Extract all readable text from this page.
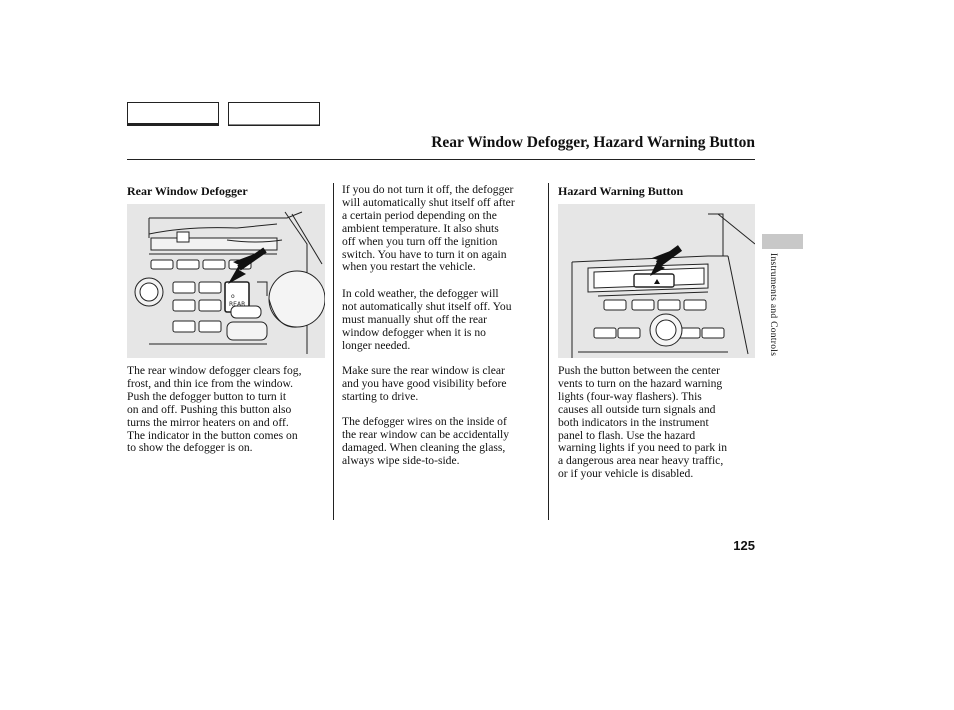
Rear Window Defogger, Hazard Warning Button
Rear Window Defogger
o
REAR

The rear window defogger clears fog,
frost, and thin ice from the window.
Push the defogger button to turn it
on and off. Pushing this button also
turns the mirror heaters on and off.
The indicator in the button comes on
to show the defogger is on.

If you do not turn it off, the defogger
will automatically shut itself off after
a certain period depending on the
ambient temperature. It also shuts
off when you turn off the ignition
switch. You have to turn it on again
when you restart the vehicle.

In cold weather, the defogger will
not automatically shut itself off. You
must manually shut off the rear
window defogger when it is no
longer needed.

Make sure the rear window is clear
and you have good visibility before
starting to drive.

The defogger wires on the inside of
the rear window can be accidentally
damaged. When cleaning the glass,
always wipe side-to-side.

Hazard Warning Button

Push the button between the center
vents to turn on the hazard warning
lights (four-way flashers). This
causes all outside turn signals and
both indicators in the instrument
panel to flash. Use the hazard
warning lights if you need to park in
a dangerous area near heavy traffic,
or if your vehicle is disabled.

Instruments and Controls
125
